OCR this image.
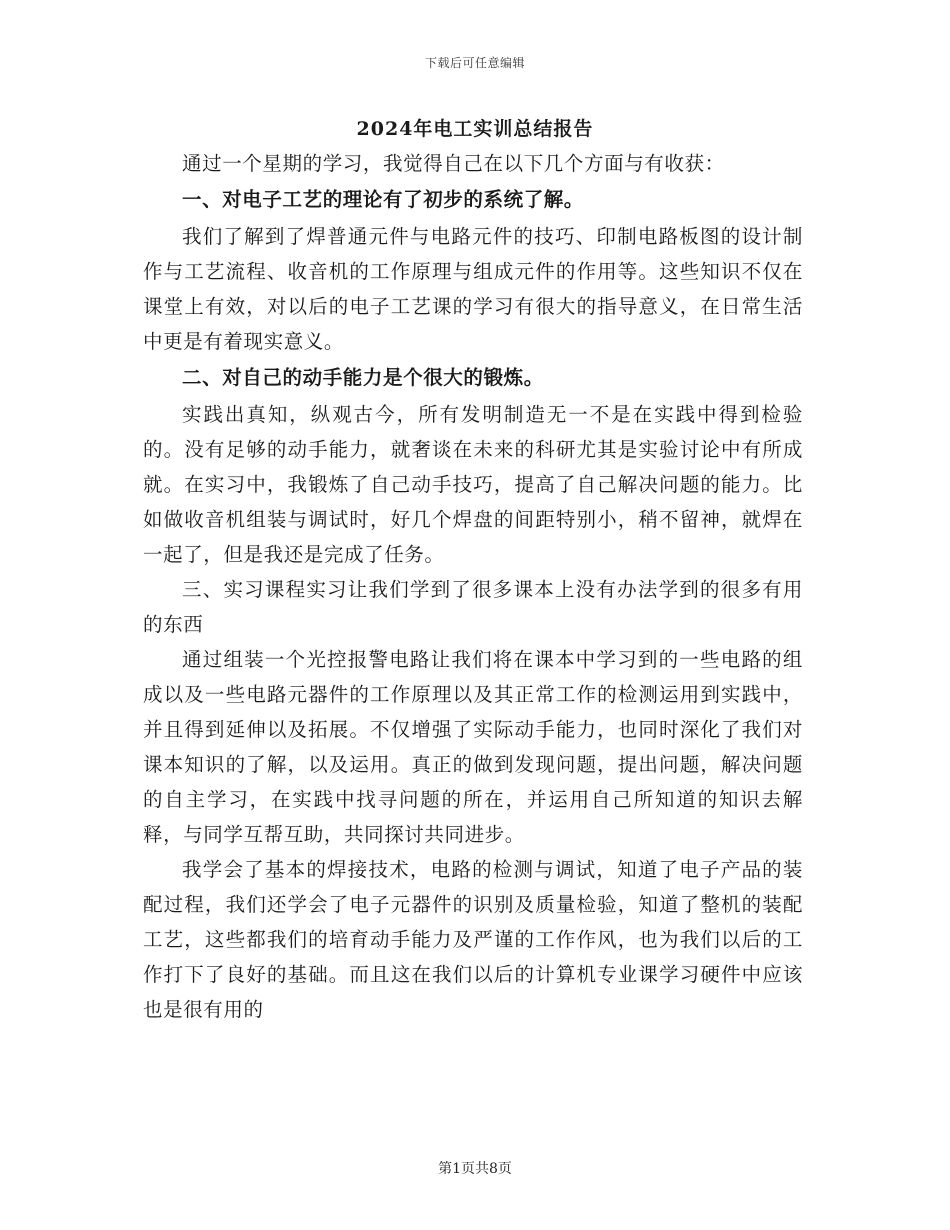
下载后可任意编辑
2024年电工实训总结报告

通过一个星期的学习，我觉得自己在以下几个方面与有收获：

一、对电子工艺的理论有了初步的系统了解。

我们了解到了焊普通元件与电路元件的技巧、印制电路板图的设计制作与工艺流程、收音机的工作原理与组成元件的作用等。这些知识不仅在课堂上有效，对以后的电子工艺课的学习有很大的指导意义，在日常生活中更是有着现实意义。

二、对自己的动手能力是个很大的锻炼。

实践出真知，纵观古今，所有发明制造无一不是在实践中得到检验的。没有足够的动手能力，就奢谈在未来的科研尤其是实验讨论中有所成就。在实习中，我锻炼了自己动手技巧，提高了自己解决问题的能力。比如做收音机组装与调试时，好几个焊盘的间距特别小，稍不留神，就焊在一起了，但是我还是完成了任务。

三、实习课程实习让我们学到了很多课本上没有办法学到的很多有用的东西

通过组装一个光控报警电路让我们将在课本中学习到的一些电路的组成以及一些电路元器件的工作原理以及其正常工作的检测运用到实践中，并且得到延伸以及拓展。不仅增强了实际动手能力，也同时深化了我们对课本知识的了解，以及运用。真正的做到发现问题，提出问题，解决问题的自主学习，在实践中找寻问题的所在，并运用自己所知道的知识去解释，与同学互帮互助，共同探讨共同进步。

我学会了基本的焊接技术，电路的检测与调试，知道了电子产品的装配过程，我们还学会了电子元器件的识别及质量检验，知道了整机的装配工艺，这些都我们的培育动手能力及严谨的工作作风，也为我们以后的工作打下了良好的基础。而且这在我们以后的计算机专业课学习硬件中应该也是很有用的

第1页共8页
